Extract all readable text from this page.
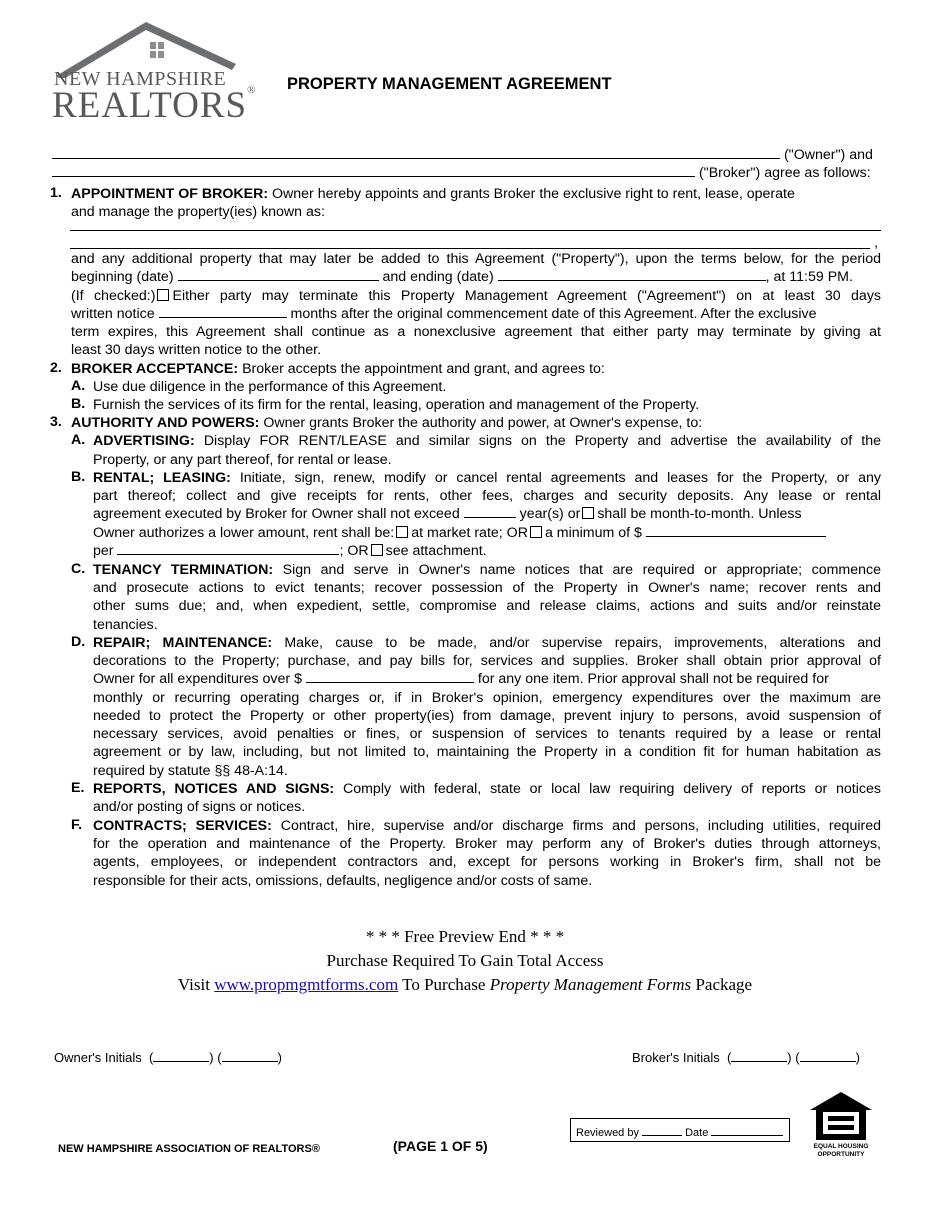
NEW HAMPSHIRE
REALTORS® PROPERTY MANAGEMENT AGREEMENT
("Owner") and
("Broker") agree as follows:
1. APPOINTMENT OF BROKER: Owner hereby appoints and grants Broker the exclusive right to rent, lease, operate
and manage the property(ies) known as:
,
and any additional property that may later be added to this Agreement ("Property"), upon the terms below, for the period
beginning (date)	and ending (date)	, at 11:59 PM.
(If checked:) Either party may terminate this Property Management Agreement ("Agreement") on at least 30 days
written notice	months after the original commencement date of this Agreement. After the exclusive
term expires, this Agreement shall continue as a nonexclusive agreement that either party may terminate by giving at
least 30 days written notice to the other.
2. BROKER ACCEPTANCE: Broker accepts the appointment and grant, and agrees to:
A. Use due diligence in the performance of this Agreement.
B. Furnish the services of its firm for the rental, leasing, operation and management of the Property.
3. AUTHORITY AND POWERS: Owner grants Broker the authority and power, at Owner's expense, to:
A. ADVERTISING: Display FOR RENT/LEASE and similar signs on the Property and advertise the availability of the
Property, or any part thereof, for rental or lease.
B. RENTAL; LEASING: Initiate, sign, renew, modify or cancel rental agreements and leases for the Property, or any
part thereof; collect and give receipts for rents, other fees, charges and security deposits. Any lease or rental
agreement executed by Broker for Owner shall not exceed	year(s) or shall be month-to-month. Unless
Owner authorizes a lower amount, rent shall be: at market rate; OR a minimum of $
per	; OR see attachment.
C. TENANCY TERMINATION: Sign and serve in Owner's name notices that are required or appropriate; commence
and prosecute actions to evict tenants; recover possession of the Property in Owner's name; recover rents and
other sums due; and, when expedient, settle, compromise and release claims, actions and suits and/or reinstate
tenancies.
D. REPAIR; MAINTENANCE: Make, cause to be made, and/or supervise repairs, improvements, alterations and
decorations to the Property; purchase, and pay bills for, services and supplies. Broker shall obtain prior approval of
Owner for all expenditures over $	for any one item. Prior approval shall not be required for
monthly or recurring operating charges or, if in Broker's opinion, emergency expenditures over the maximum are
needed to protect the Property or other property(ies) from damage, prevent injury to persons, avoid suspension of
necessary services, avoid penalties or fines, or suspension of services to tenants required by a lease or rental
agreement or by law, including, but not limited to, maintaining the Property in a condition fit for human habitation as
required by statute §§ 48-A:14.
E. REPORTS, NOTICES AND SIGNS: Comply with federal, state or local law requiring delivery of reports or notices
and/or posting of signs or notices.
F. CONTRACTS; SERVICES: Contract, hire, supervise and/or discharge firms and persons, including utilities, required
for the operation and maintenance of the Property. Broker may perform any of Broker's duties through attorneys,
agents, employees, or independent contractors and, except for persons working in Broker's firm, shall not be
responsible for their acts, omissions, defaults, negligence and/or costs of same.
* * * Free Preview End * * *
Purchase Required To Gain Total Access
Visit www.propmgmtforms.com To Purchase Property Management Forms Package
Owner's Initials  (	) (	)	Broker's Initials  (	) (	)
Reviewed by	Date
EQUAL HOUSING
OPPORTUNITY
NEW HAMPSHIRE ASSOCIATION OF REALTORS®	(PAGE 1 OF 5)
